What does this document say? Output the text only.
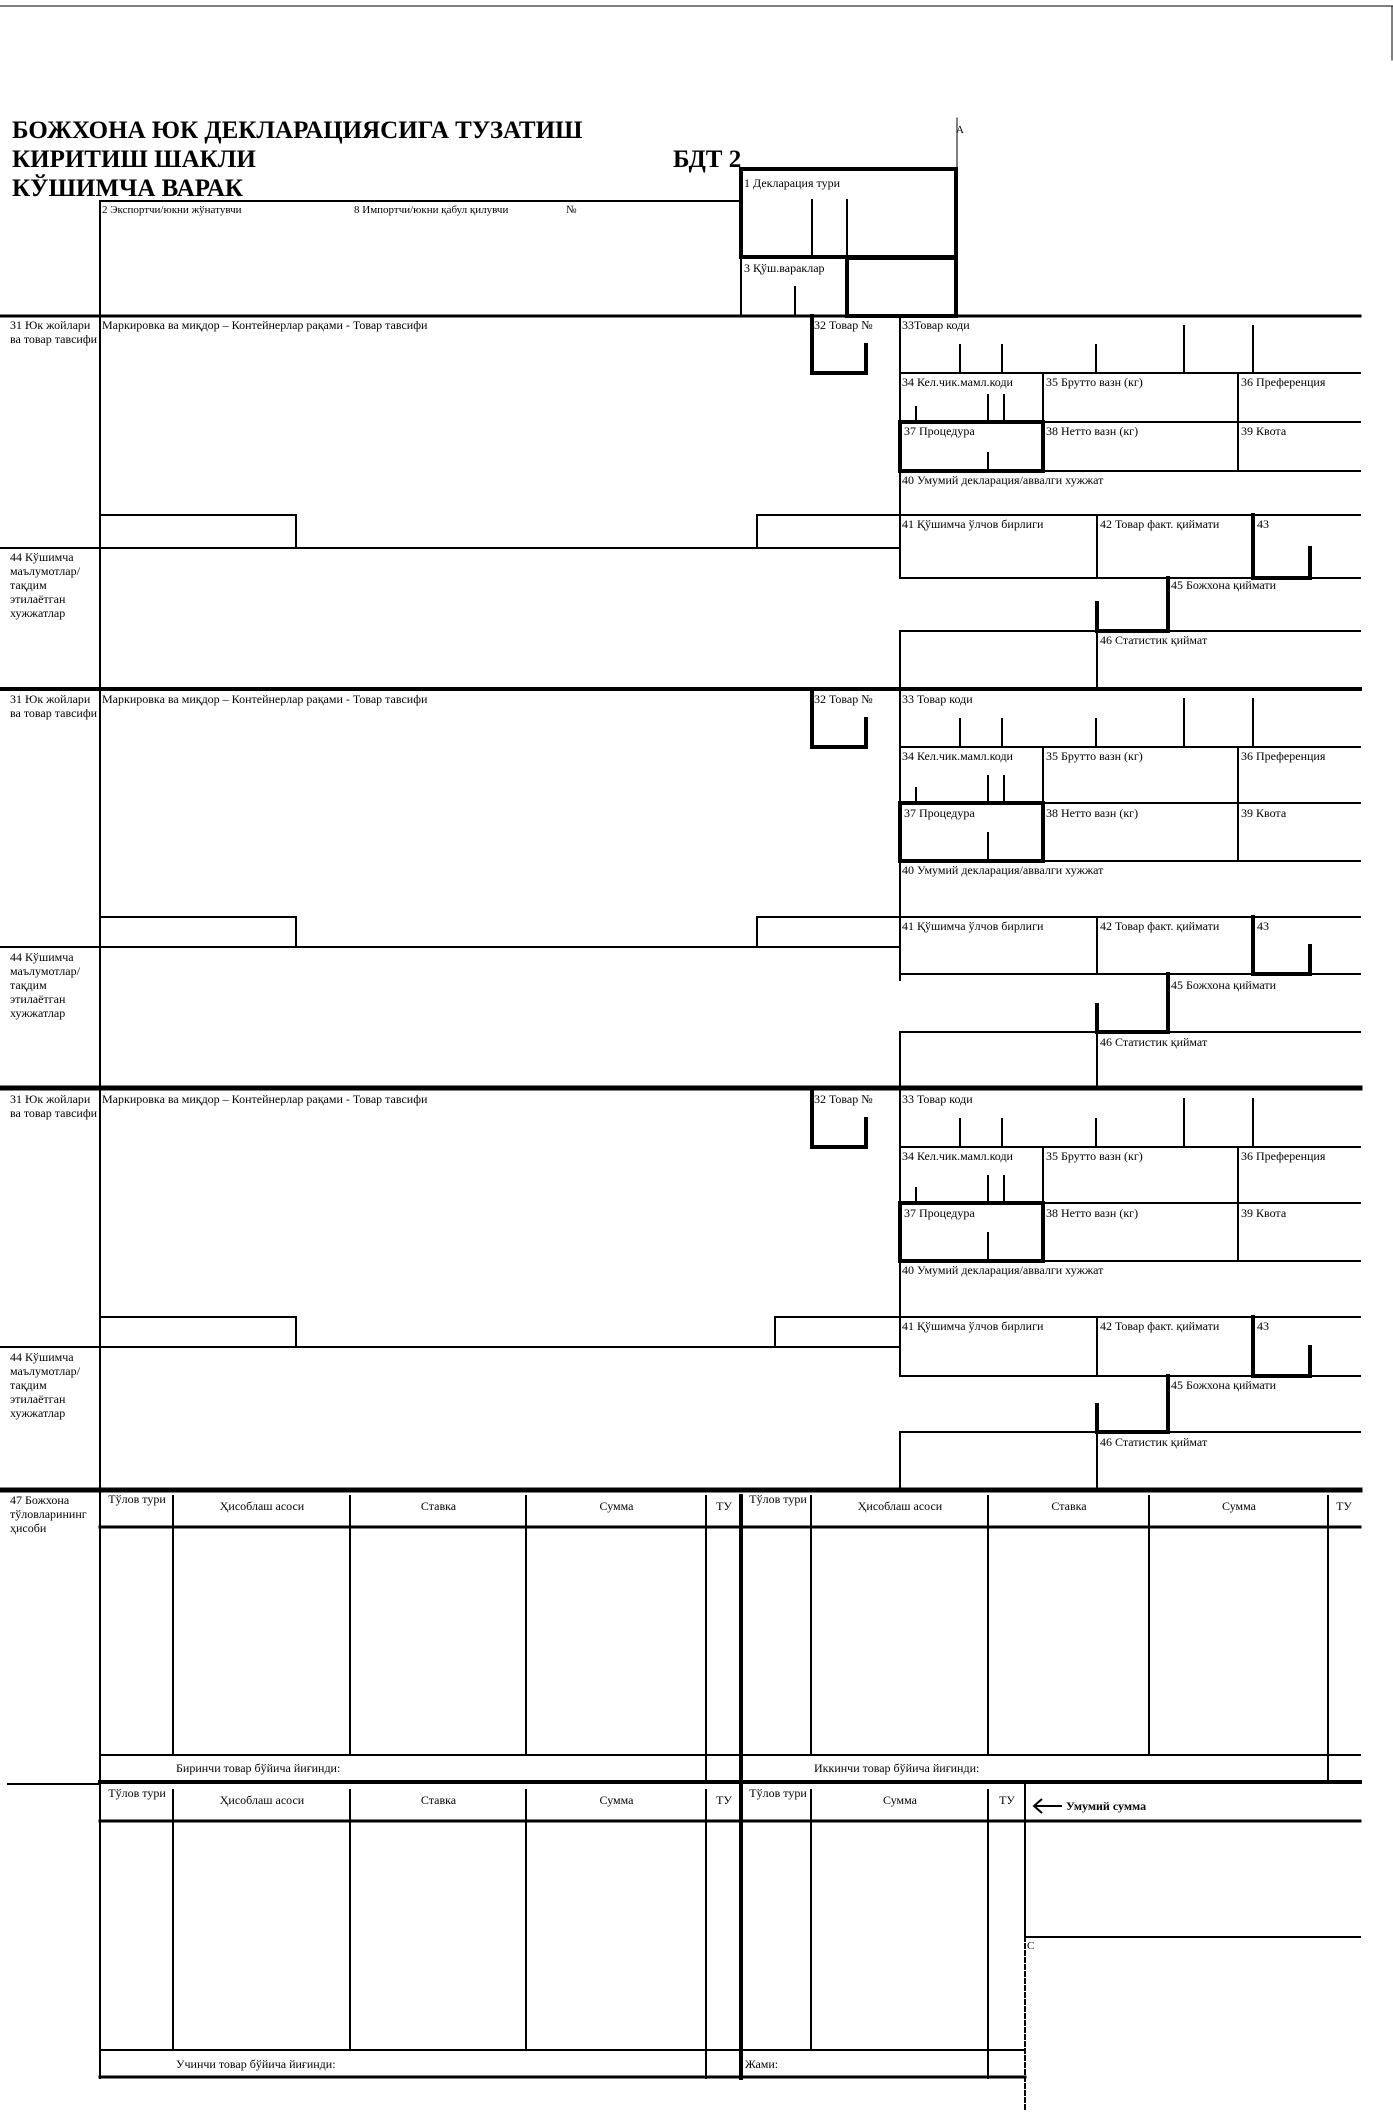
БОЖХОНА ЮК ДЕКЛАРАЦИЯСИГА ТУЗАТИШ
КИРИТИШ ШАКЛИ
КЎШИМЧА ВАРАК
БДТ 2
A
2 Экспортчи/юкни жўнатувчи	8 Импортчи/юкни қабул қилувчи	№
1 Декларация тури
3 Қўш.вараклар
31 Юк жойлари ва товар тавсифи
Маркировка ва миқдор – Контейнерлар рақами - Товар тавсифи	32 Товар № 33Товар коди
34 Кел.чик.мамл.коди	35 Брутто вазн (кг)	36 Преференция
37 Процедура	38 Нетто вазн (кг)	39 Квота
40 Умумий декларация/аввалги хужжат
41 Қўшимча ўлчов бирлиги	42 Товар факт. қиймати	43
44 Кўшимча маълумотлар/ тақдим этилаётган хужжатлар
45 Божхона қиймати
46 Статистик қиймат
31 Юк жойлари ва товар тавсифи
Маркировка ва миқдор – Контейнерлар рақами - Товар тавсифи	32 Товар № 33 Товар коди
34 Кел.чик.мамл.коди	35 Брутто вазн (кг)	36 Преференция
37 Процедура	38 Нетто вазн (кг)	39 Квота
40 Умумий декларация/аввалги хужжат
41 Қўшимча ўлчов бирлиги	42 Товар факт. қиймати	43
44 Кўшимча маълумотлар/ тақдим этилаётган хужжатлар
45 Божхона қиймати
46 Статистик қиймат
31 Юк жойлари ва товар тавсифи
Маркировка ва миқдор – Контейнерлар рақами - Товар тавсифи	32 Товар № 33 Товар коди
34 Кел.чик.мамл.коди	35 Брутто вазн (кг)	36 Преференция
37 Процедура	38 Нетто вазн (кг)	39 Квота
40 Умумий декларация/аввалги хужжат
41 Қўшимча ўлчов бирлиги	42 Товар факт. қиймати	43
44 Кўшимча маълумотлар/ тақдим этилаётган хужжатлар
45 Божхона қиймати
46 Статистик қиймат
47 Божхона тўловларининг ҳисоби
Тўлов тури	Ҳисоблаш асоси	Ставка	Сумма	ТУ	Тўлов тури	Ҳисоблаш асоси	Ставка	Сумма	ТУ
Биринчи товар бўйича йиғинди:	Иккинчи товар бўйича йиғинди:
Тўлов тури	Ҳисоблаш асоси	Ставка	Сумма	ТУ	Тўлов тури	Сумма	ТУ	Умумий сумма
C
Учинчи товар бўйича йиғинди:	Жами:
